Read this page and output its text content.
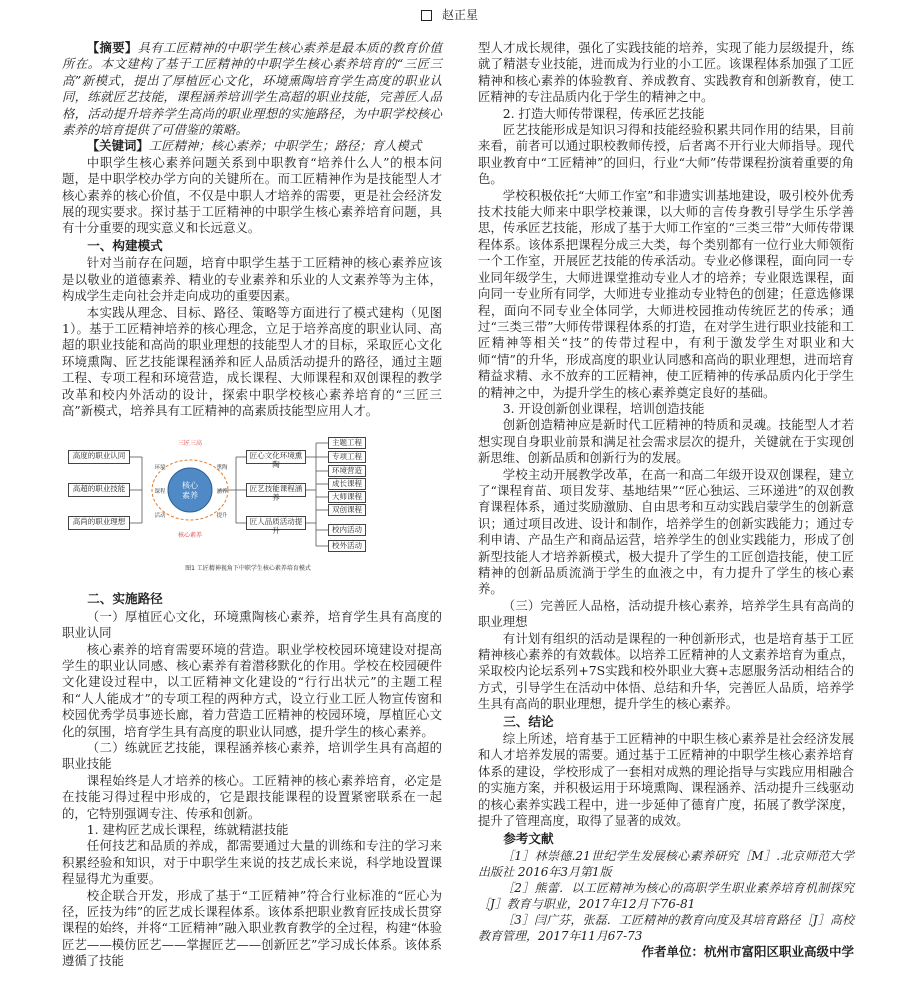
赵正星

【摘要】具有工匠精神的中职学生核心素养是最本质的教育价值所在。本文建构了基于工匠精神的中职学生核心素养培育的“三匠三高”新模式，提出了厚植匠心文化，环境熏陶培育学生高度的职业认同，练就匠艺技能，课程涵养培训学生高超的职业技能，完善匠人品格，活动提升培养学生高尚的职业理想的实施路径，为中职学校核心素养的培育提供了可借鉴的策略。

【关键词】工匠精神；核心素养；中职学生；路径；育人模式

中职学生核心素养问题关系到中职教育“培养什么人”的根本问题，是中职学校办学方向的关键所在。而工匠精神作为是技能型人才核心素养的核心价值，不仅是中职人才培养的需要，更是社会经济发展的现实要求。探讨基于工匠精神的中职学生核心素养培育问题，具有十分重要的现实意义和长远意义。

一、构建模式

针对当前存在问题，培育中职学生基于工匠精神的核心素养应该是以敬业的道德素养、精业的专业素养和乐业的人文素养等为主体，构成学生走向社会并走向成功的重要因素。

本实践从理念、目标、路径、策略等方面进行了模式建构（见图1）。基于工匠精神培养的核心理念，立足于培养高度的职业认同、高超的职业技能和高尚的职业理想的技能型人才的目标，采取匠心文化环境熏陶、匠艺技能课程涵养和匠人品质活动提升的路径，通过主题工程、专项工程和环境营造，成长课程、大师课程和双创课程的教学改革和校内外活动的设计，探索中职学校核心素养培育的“三匠三高”新模式，培养具有工匠精神的高素质技能型应用人才。

核心
素养
三匠三高
核心素养
环境
课程
活动
熏陶
涵养
提升
高度的职业认同
高超的职业技能
高尚的职业理想
匠心文化环境熏陶
匠艺技能课程涵养
匠人品质活动提升
主题工程
专项工程
环境营造
成长课程
大师课程
双创课程
校内活动
校外活动
图1 工匠精神视角下中职学生核心素养培育模式
二、实施路径

（一）厚植匠心文化，环境熏陶核心素养，培育学生具有高度的职业认同

核心素养的培育需要环境的营造。职业学校校园环境建设对提高学生的职业认同感、核心素养有着潜移默化的作用。学校在校园硬件文化建设过程中，以工匠精神文化建设的“行行出状元”的主题工程和“人人能成才”的专项工程的两种方式，设立行业工匠人物宣传窗和校园优秀学员事迹长廊，着力营造工匠精神的校园环境，厚植匠心文化的氛围，培育学生具有高度的职业认同感，提升学生的核心素养。

（二）练就匠艺技能，课程涵养核心素养，培训学生具有高超的职业技能

课程始终是人才培养的核心。工匠精神的核心素养培育，必定是在技能习得过程中形成的，它是跟技能课程的设置紧密联系在一起的，它特别强调专注、传承和创新。

1. 建构匠艺成长课程，练就精湛技能

任何技艺和品质的养成，都需要通过大量的训练和专注的学习来积累经验和知识，对于中职学生来说的技艺成长来说，科学地设置课程显得尤为重要。

校企联合开发，形成了基于“工匠精神”符合行业标准的“匠心为径，匠技为纬”的匠艺成长课程体系。该体系把职业教育匠技成长贯穿课程的始终，并将“工匠精神”融入职业教育教学的全过程，构建“体验匠艺——模仿匠艺——掌握匠艺——创新匠艺”学习成长体系。该体系遵循了技能

型人才成长规律，强化了实践技能的培养，实现了能力层级提升，练就了精湛专业技能，进而成为行业的小工匠。该课程体系加强了工匠精神和核心素养的体验教育、养成教育、实践教育和创新教育，使工匠精神的专注品质内化于学生的精神之中。

2. 打造大师传带课程，传承匠艺技能

匠艺技能形成是知识习得和技能经验积累共同作用的结果，目前来看，前者可以通过职校教师传授，后者离不开行业大师指导。现代职业教育中“工匠精神”的回归，行业“大师”传带课程扮演着重要的角色。

学校积极依托“大师工作室”和非遗实训基地建设，吸引校外优秀技术技能大师来中职学校兼课，以大师的言传身教引导学生乐学善思，传承匠艺技能，形成了基于大师工作室的“三类三带”大师传带课程体系。该体系把课程分成三大类，每个类别都有一位行业大师领衔一个工作室，开展匠艺技能的传承活动。专业必修课程，面向同一专业同年级学生，大师进课堂推动专业人才的培养；专业限选课程，面向同一专业所有同学，大师进专业推动专业特色的创建；任意选修课程，面向不同专业全体同学，大师进校园推动传统匠艺的传承；通过“三类三带”大师传带课程体系的打造，在对学生进行职业技能和工匠精神等相关“技”的传带过程中，有利于激发学生对职业和大师“情”的升华，形成高度的职业认同感和高尚的职业理想，进而培育精益求精、永不放弃的工匠精神，使工匠精神的传承品质内化于学生的精神之中，为提升学生的核心素养奠定良好的基础。

3. 开设创新创业课程，培训创造技能

创新创造精神应是新时代工匠精神的特质和灵魂。技能型人才若想实现自身职业前景和满足社会需求层次的提升，关键就在于实现创新思维、创新品质和创新行为的发展。

学校主动开展教学改革，在高一和高二年级开设双创课程，建立了“课程育苗、项目发芽、基地结果”“匠心独运、三环递进”的双创教育课程体系，通过奖励激励、自由思考和互动实践启蒙学生的创新意识；通过项目改进、设计和制作，培养学生的创新实践能力；通过专利申请、产品生产和商品运营，培养学生的创业实践能力，形成了创新型技能人才培养新模式，极大提升了学生的工匠创造技能，使工匠精神的创新品质流淌于学生的血液之中，有力提升了学生的核心素养。

（三）完善匠人品格，活动提升核心素养，培养学生具有高尚的职业理想

有计划有组织的活动是课程的一种创新形式，也是培育基于工匠精神核心素养的有效载体。以培养工匠精神的人文素养培育为重点，采取校内论坛系列+7S实践和校外职业大赛+志愿服务活动相结合的方式，引导学生在活动中体悟、总结和升华，完善匠人品质，培养学生具有高尚的职业理想，提升学生的核心素养。

三、结论

综上所述，培育基于工匠精神的中职生核心素养是社会经济发展和人才培养发展的需要。通过基于工匠精神的中职学生核心素养培育体系的建设，学校形成了一套相对成熟的理论指导与实践应用相融合的实施方案，并积极运用于环境熏陶、课程涵养、活动提升三线驱动的核心素养实践工程中，进一步延伸了德育广度，拓展了教学深度，提升了管理高度，取得了显著的成效。

参考文献

［1］林崇德.21世纪学生发展核心素养研究［M］.北京师范大学出版社 2016年3月第1版

［2］熊蕾．以工匠精神为核心的高职学生职业素养培育机制探究［J］教育与职业，2017年12月下76-81

［3］闫广芬，张磊．工匠精神的教育向度及其培育路径［J］高校教育管理，2017年11月67-73

作者单位：杭州市富阳区职业高级中学
